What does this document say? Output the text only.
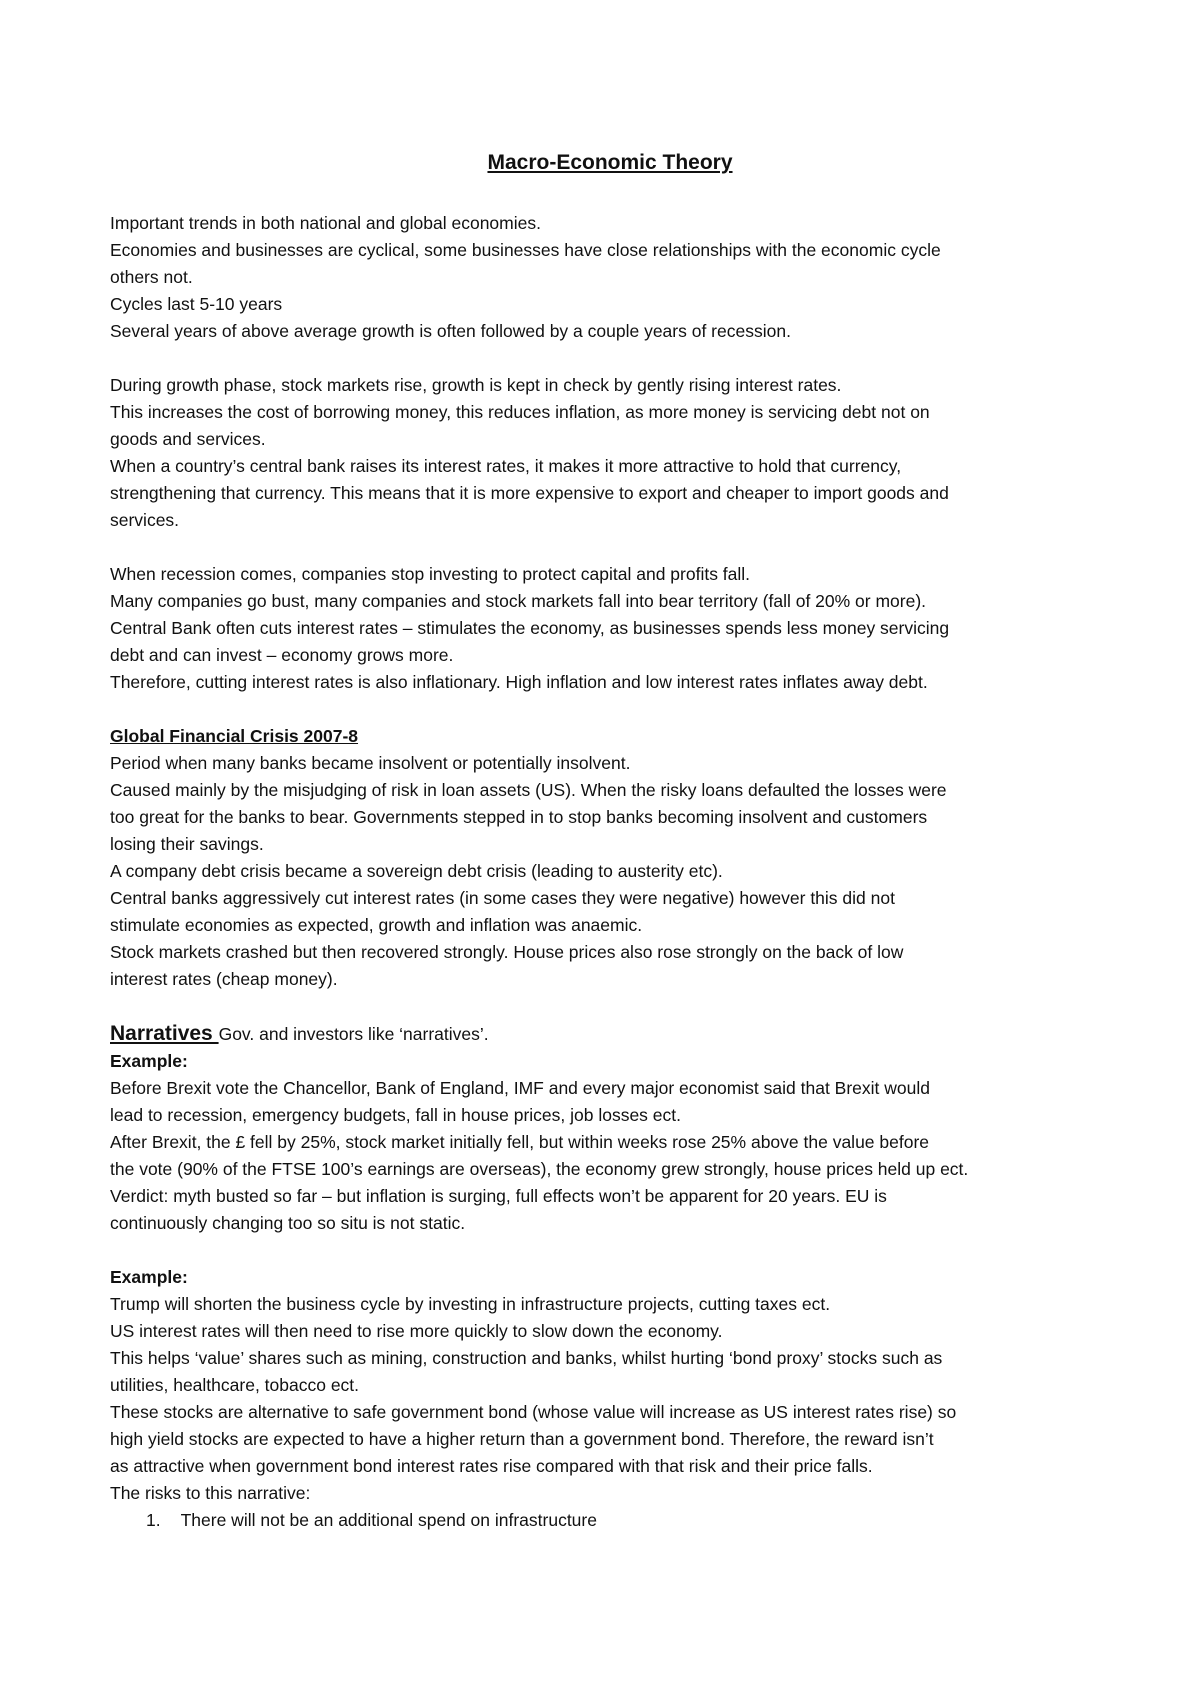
Macro-Economic Theory

Important trends in both national and global economies.

Economies and businesses are cyclical, some businesses have close relationships with the economic cycle

others not.

Cycles last 5-10 years

Several years of above average growth is often followed by a couple years of recession.

During growth phase, stock markets rise, growth is kept in check by gently rising interest rates.

This increases the cost of borrowing money, this reduces inflation, as more money is servicing debt not on

goods and services.

When a country’s central bank raises its interest rates, it makes it more attractive to hold that currency,

strengthening that currency. This means that it is more expensive to export and cheaper to import goods and

services.

When recession comes, companies stop investing to protect capital and profits fall.

Many companies go bust, many companies and stock markets fall into bear territory (fall of 20% or more).

Central Bank often cuts interest rates – stimulates the economy, as businesses spends less money servicing

debt and can invest – economy grows more.

Therefore, cutting interest rates is also inflationary. High inflation and low interest rates inflates away debt.

Global Financial Crisis 2007-8

Period when many banks became insolvent or potentially insolvent.

Caused mainly by the misjudging of risk in loan assets (US). When the risky loans defaulted the losses were

too great for the banks to bear. Governments stepped in to stop banks becoming insolvent and customers

losing their savings.

A company debt crisis became a sovereign debt crisis (leading to austerity etc).

Central banks aggressively cut interest rates (in some cases they were negative) however this did not

stimulate economies as expected, growth and inflation was anaemic.

Stock markets crashed but then recovered strongly. House prices also rose strongly on the back of low

interest rates (cheap money).

Narratives Gov. and investors like ‘narratives’.

Example:

Before Brexit vote the Chancellor, Bank of England, IMF and every major economist said that Brexit would

lead to recession, emergency budgets, fall in house prices, job losses ect.

After Brexit, the £ fell by 25%, stock market initially fell, but within weeks rose 25% above the value before

the vote (90% of the FTSE 100’s earnings are overseas), the economy grew strongly, house prices held up ect.

Verdict: myth busted so far – but inflation is surging, full effects won’t be apparent for 20 years. EU is

continuously changing too so situ is not static.

Example:

Trump will shorten the business cycle by investing in infrastructure projects, cutting taxes ect.

US interest rates will then need to rise more quickly to slow down the economy.

This helps ‘value’ shares such as mining, construction and banks, whilst hurting ‘bond proxy’ stocks such as

utilities, healthcare, tobacco ect.

These stocks are alternative to safe government bond (whose value will increase as US interest rates rise) so

high yield stocks are expected to have a higher return than a government bond. Therefore, the reward isn’t

as attractive when government bond interest rates rise compared with that risk and their price falls.

The risks to this narrative:

1. There will not be an additional spend on infrastructure
